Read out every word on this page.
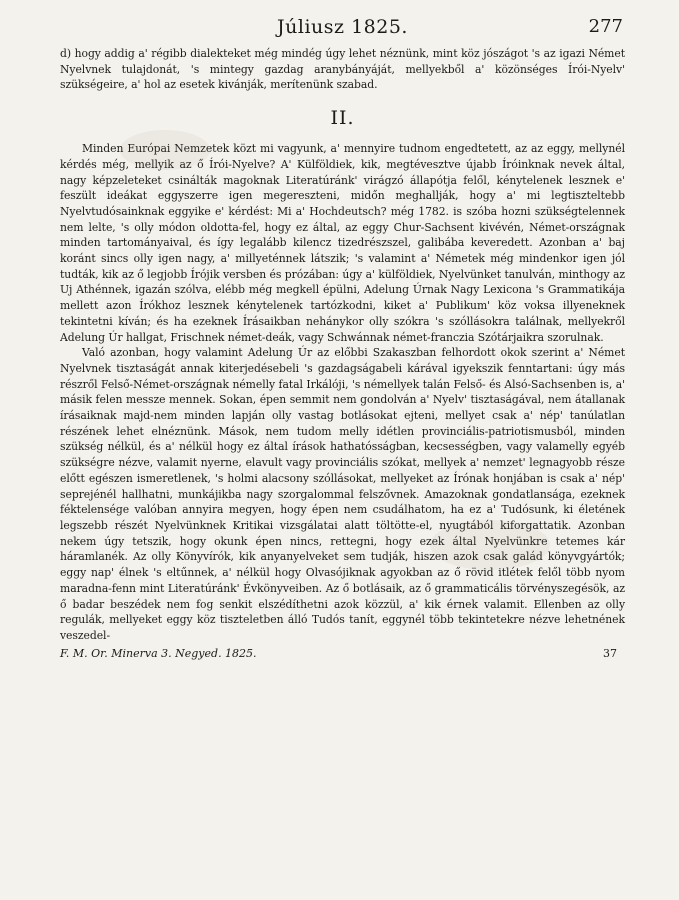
Júliusz 1825.	277

d) hogy addig a' régibb dialekteket még mindég úgy lehet néznünk, mint köz jószágot 's az igazi Német Nyelvnek tulajdonát, 's mintegy gazdag aranybányáját, mellyekből a' közönséges Írói-Nyelv' szükségeire, a' hol az esetek kivánják, merítenünk szabad.

II.

Minden Európai Nemzetek közt mi vagyunk, a' mennyire tudnom engedtetett, az az eggy, mellynél kérdés még, mellyik az ő Írói-Nyelve? A' Külföldiek, kik, megtévesztve újabb Íróinknak nevek által, nagy képzeleteket csinálták magoknak Literatúránk' virágzó állapótja felől, kénytelenek lesznek e' feszült ideákat eggyszerre igen megereszteni, midőn meghallják, hogy a' mi legtiszteltebb Nyelvtudósainknak eggyike e' kérdést: Mi a' Hochdeutsch? még 1782. is szóba hozni szükségtelennek nem lelte, 's olly módon oldotta-fel, hogy ez által, az eggy Chur-Sachsent kivévén, Német-országnak minden tartományaival, és így legalább kilencz tizedrészszel, galibába keveredett. Azonban a' baj koránt sincs olly igen nagy, a' millyeténnek látszik; 's valamint a' Németek még mindenkor igen jól tudták, kik az ő legjobb Írójik versben és prózában: úgy a' külföldiek, Nyelvünket tanulván, minthogy az Uj Athénnek, igazán szólva, elébb még megkell épülni, Adelung Úrnak Nagy Lexicona 's Grammatikája mellett azon Írókhoz lesznek kénytelenek tartózkodni, kiket a' Publikum' köz voksa illyeneknek tekintetni kíván; és ha ezeknek Írásaikban nehánykor olly szókra 's szóllásokra találnak, mellyekről Adelung Úr hallgat, Frischnek német-deák, vagy Schwánnak német-franczia Szótárjaikra szorulnak.

Való azonban, hogy valamint Adelung Úr az előbbi Szakaszban felhordott okok szerint a' Német Nyelvnek tisztaságát annak kiterjedésebeli 's gazdagságabeli kárával igyekszik fenntartani: úgy más részről Felső-Német-országnak némelly fatal Irkálóji, 's némellyek talán Felső- és Alsó-Sachsenben is, a' másik felen messze mennek. Sokan, épen semmit nem gondolván a' Nyelv' tisztaságával, nem átallanak írásaiknak majd-nem minden lapján olly vastag botlásokat ejteni, mellyet csak a' nép' tanúlatlan részének lehet elnéznünk. Mások, nem tudom melly idétlen provinciális-patriotismusból, minden szükség nélkül, és a' nélkül hogy ez által írások hathatósságban, kecsességben, vagy valamelly egyéb szükségre nézve, valamit nyerne, elavult vagy provinciális szókat, mellyek a' nemzet' legnagyobb része előtt egészen ismeretlenek, 's holmi alacsony szóllásokat, mellyeket az Írónak honjában is csak a' nép' seprejénél hallhatni, munkájikba nagy szorgalommal felszővnek. Amazoknak gondatlansága, ezeknek féktelensége valóban annyira megyen, hogy épen nem csudálhatom, ha ez a' Tudósunk, ki életének legszebb részét Nyelvünknek Kritikai vizsgálatai alatt töltötte-el, nyugtából kiforgattatik. Azonban nekem úgy tetszik, hogy okunk épen nincs, rettegni, hogy ezek által Nyelvünkre tetemes kár háramlanék. Az olly Könyvírók, kik anyanyelveket sem tudják, hiszen azok csak galád könyvgyártók; eggy nap' élnek 's eltűnnek, a' nélkül hogy Olvasójiknak agyokban az ő rövid itlétek felől több nyom maradna-fenn mint Literatúránk' Évkönyveiben. Az ő botlásaik, az ő grammaticális törvényszegésök, az ő badar beszédek nem fog senkit elszédíthetni azok közzül, a' kik érnek valamit. Ellenben az olly regulák, mellyeket eggy köz tiszteletben álló Tudós tanít, eggynél több tekintetekre nézve lehetnének veszedel-

F. M. Or. Minerva 3. Negyed. 1825.	37
